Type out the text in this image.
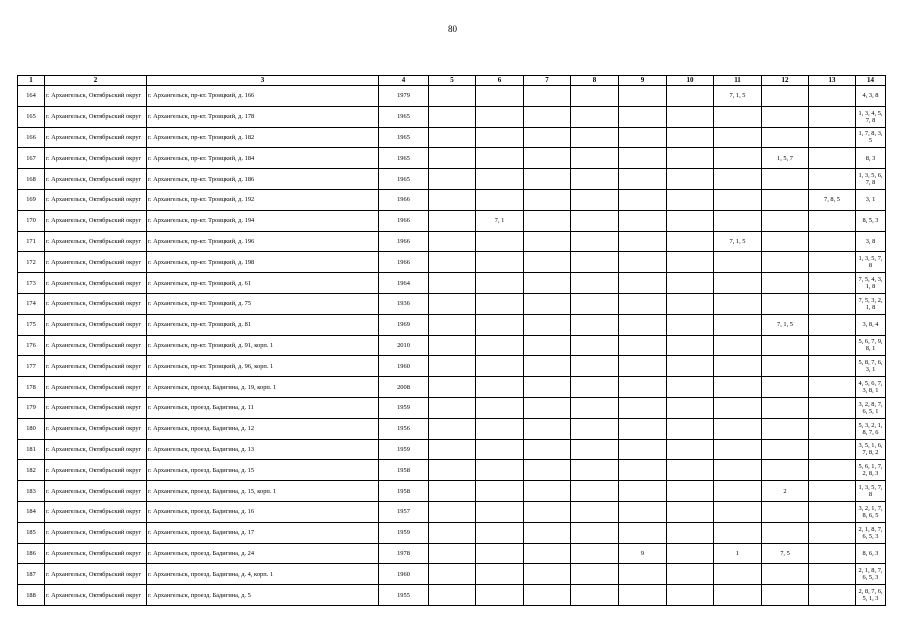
80
1	2	3	4	5	6	7	8	9	10	11	12	13	14
164	г. Архангельск, Октябрьский округ	г. Архангельск, пр-кт. Троицкий, д. 166	1979							7, 1, 5			4, 3, 8
165	г. Архангельск, Октябрьский округ	г. Архангельск, пр-кт. Троицкий, д. 178	1965										1, 3, 4, 5, 7, 8
166	г. Архангельск, Октябрьский округ	г. Архангельск, пр-кт. Троицкий, д. 182	1965										1, 7, 8, 3, 5
167	г. Архангельск, Октябрьский округ	г. Архангельск, пр-кт. Троицкий, д. 184	1965								1, 5, 7		8, 3
168	г. Архангельск, Октябрьский округ	г. Архангельск, пр-кт. Троицкий, д. 186	1965										1, 3, 5, 6, 7, 8
169	г. Архангельск, Октябрьский округ	г. Архангельск, пр-кт. Троицкий, д. 192	1966									7, 8, 5	3, 1
170	г. Архангельск, Октябрьский округ	г. Архангельск, пр-кт. Троицкий, д. 194	1966		7, 1								8, 5, 3
171	г. Архангельск, Октябрьский округ	г. Архангельск, пр-кт. Троицкий, д. 196	1966							7, 1, 5			3, 8
172	г. Архангельск, Октябрьский округ	г. Архангельск, пр-кт. Троицкий, д. 198	1966										1, 3, 5, 7, 8
173	г. Архангельск, Октябрьский округ	г. Архангельск, пр-кт. Троицкий, д. 61	1964										7, 5, 4, 3, 1, 8
174	г. Архангельск, Октябрьский округ	г. Архангельск, пр-кт. Троицкий, д. 75	1936										7, 5, 3, 2, 1, 8
175	г. Архангельск, Октябрьский округ	г. Архангельск, пр-кт. Троицкий, д. 81	1969								7, 1, 5		3, 8, 4
176	г. Архангельск, Октябрьский округ	г. Архангельск, пр-кт. Троицкий, д. 91, корп. 1	2010										5, 6, 7, 9, 8, 1
177	г. Архангельск, Октябрьский округ	г. Архангельск, пр-кт. Троицкий, д. 96, корп. 1	1960										5, 8, 7, 6, 3, 1
178	г. Архангельск, Октябрьский округ	г. Архангельск, проезд. Бадигина, д. 19, корп. 1	2008										4, 5, 6, 7, 3, 8, 1
179	г. Архангельск, Октябрьский округ	г. Архангельск, проезд. Бадигина, д. 11	1959										3, 2, 8, 7, 6, 5, 1
180	г. Архангельск, Октябрьский округ	г. Архангельск, проезд. Бадигина, д. 12	1956										5, 3, 2, 1, 8, 7, 6
181	г. Архангельск, Октябрьский округ	г. Архангельск, проезд. Бадигина, д. 13	1959										3, 5, 1, 6, 7, 8, 2
182	г. Архангельск, Октябрьский округ	г. Архангельск, проезд. Бадигина, д. 15	1958										5, 6, 1, 7, 2, 8, 3
183	г. Архангельск, Октябрьский округ	г. Архангельск, проезд. Бадигина, д. 15, корп. 1	1958								2		1, 3, 5, 7, 8
184	г. Архангельск, Октябрьский округ	г. Архангельск, проезд. Бадигина, д. 16	1957										3, 2, 1, 7, 8, 6, 5
185	г. Архангельск, Октябрьский округ	г. Архангельск, проезд. Бадигина, д. 17	1959										2, 1, 8, 7, 6, 5, 3
186	г. Архангельск, Октябрьский округ	г. Архангельск, проезд. Бадигина, д. 24	1978					9		1	7, 5		8, 6, 3
187	г. Архангельск, Октябрьский округ	г. Архангельск, проезд. Бадигина, д. 4, корп. 1	1960										2, 1, 8, 7, 6, 5, 3
188	г. Архангельск, Октябрьский округ	г. Архангельск, проезд. Бадигина, д. 5	1955										2, 8, 7, 6, 5, 1, 3
